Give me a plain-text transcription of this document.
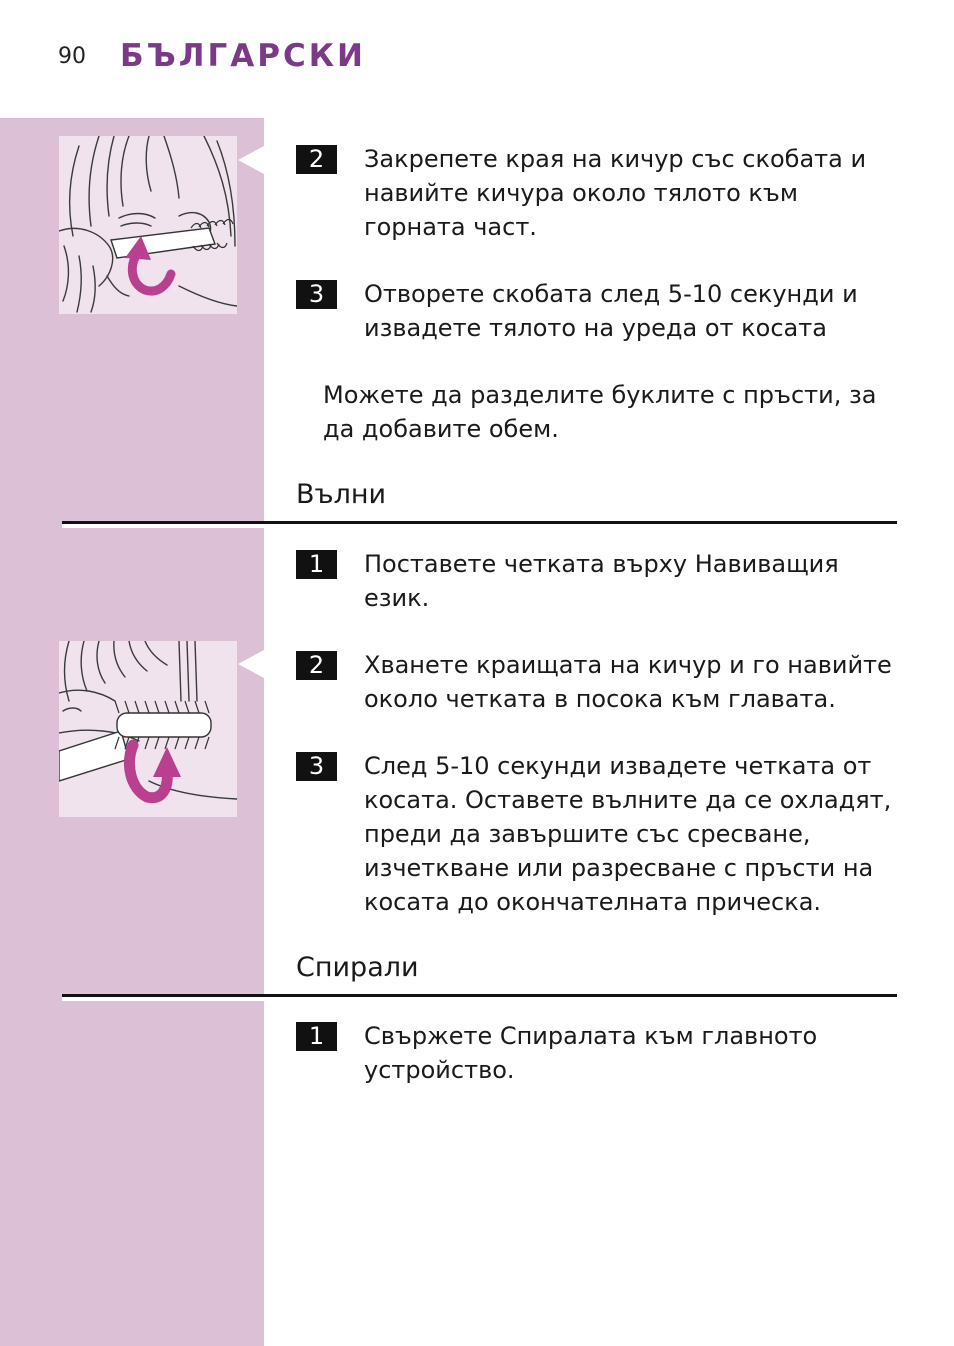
90 БЪЛГАРСКИ
2	Закрепете края на кичур със скобата и навийте кичура около тялото към горната част.
3	Отворете скобата след 5-10 секунди и извадете тялото на уреда от косата
Можете да разделите буклите с пръсти, за да добавите обем.
Вълни
1	Поставете четката върху Навиващия език.
2	Хванете краищата на кичур и го навийте около четката в посока към главата.
3	След 5-10 секунди извадете четката от косата. Оставете вълните да се охладят, преди да завършите със сресване, изчеткване или разресване с пръсти на косата до окончателната прическа.
Спирали
1	Свържете Спиралата към главното устройство.
